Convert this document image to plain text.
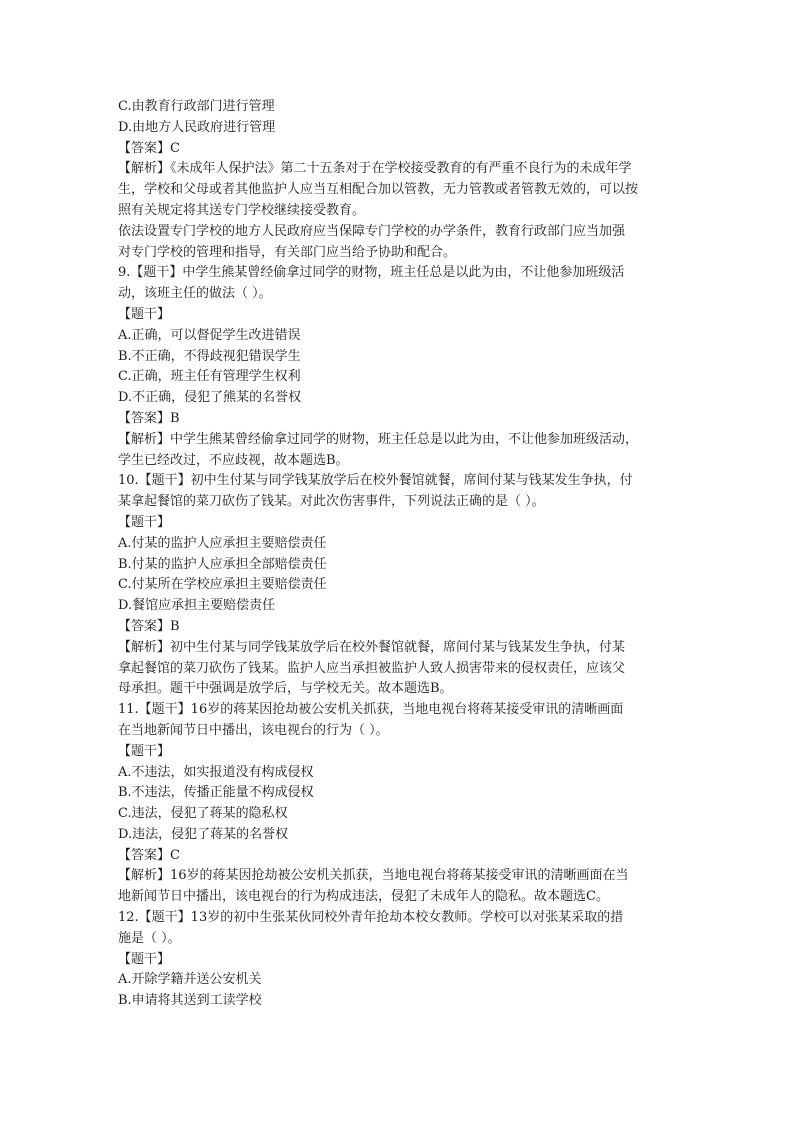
C.由教育行政部门进行管理
D.由地方人民政府进行管理
【答案】C
【解析】《未成年人保护法》第二十五条对于在学校接受教育的有严重不良行为的未成年学
生，学校和父母或者其他监护人应当互相配合加以管教，无力管教或者管教无效的，可以按
照有关规定将其送专门学校继续接受教育。
依法设置专门学校的地方人民政府应当保障专门学校的办学条件，教育行政部门应当加强
对专门学校的管理和指导，有关部门应当给予协助和配合。
9.【题干】中学生熊某曾经偷拿过同学的财物，班主任总是以此为由，不让他参加班级活
动，该班主任的做法（ ）。
【题干】
A.正确，可以督促学生改进错误
B.不正确，不得歧视犯错误学生
C.正确，班主任有管理学生权利
D.不正确，侵犯了熊某的名誉权
【答案】B
【解析】中学生熊某曾经偷拿过同学的财物，班主任总是以此为由，不让他参加班级活动，
学生已经改过，不应歧视，故本题选B。
10.【题干】初中生付某与同学钱某放学后在校外餐馆就餐，席间付某与钱某发生争执，付
某拿起餐馆的菜刀砍伤了钱某。对此次伤害事件，下列说法正确的是（ ）。
【题干】
A.付某的监护人应承担主要赔偿责任
B.付某的监护人应承担全部赔偿责任
C.付某所在学校应承担主要赔偿责任
D.餐馆应承担主要赔偿责任
【答案】B
【解析】初中生付某与同学钱某放学后在校外餐馆就餐，席间付某与钱某发生争执，付某
拿起餐馆的菜刀砍伤了钱某。监护人应当承担被监护人致人损害带来的侵权责任，应该父
母承担。题干中强调是放学后，与学校无关。故本题选B。
11.【题干】16岁的蒋某因抢劫被公安机关抓获，当地电视台将蒋某接受审讯的清晰画面
在当地新闻节日中播出，该电视台的行为（ ）。
【题干】
A.不违法，如实报道没有构成侵权
B.不违法，传播正能量不构成侵权
C.违法，侵犯了蒋某的隐私权
D.违法，侵犯了蒋某的名誉权
【答案】C
【解析】16岁的蒋某因抢劫被公安机关抓获，当地电视台将蒋某接受审讯的清晰画面在当
地新闻节日中播出，该电视台的行为构成违法，侵犯了未成年人的隐私。故本题选C。
12.【题干】13岁的初中生张某伙同校外青年抢劫本校女教师。学校可以对张某采取的措
施是（ ）。
【题干】
A.开除学籍并送公安机关
B.申请将其送到工读学校
